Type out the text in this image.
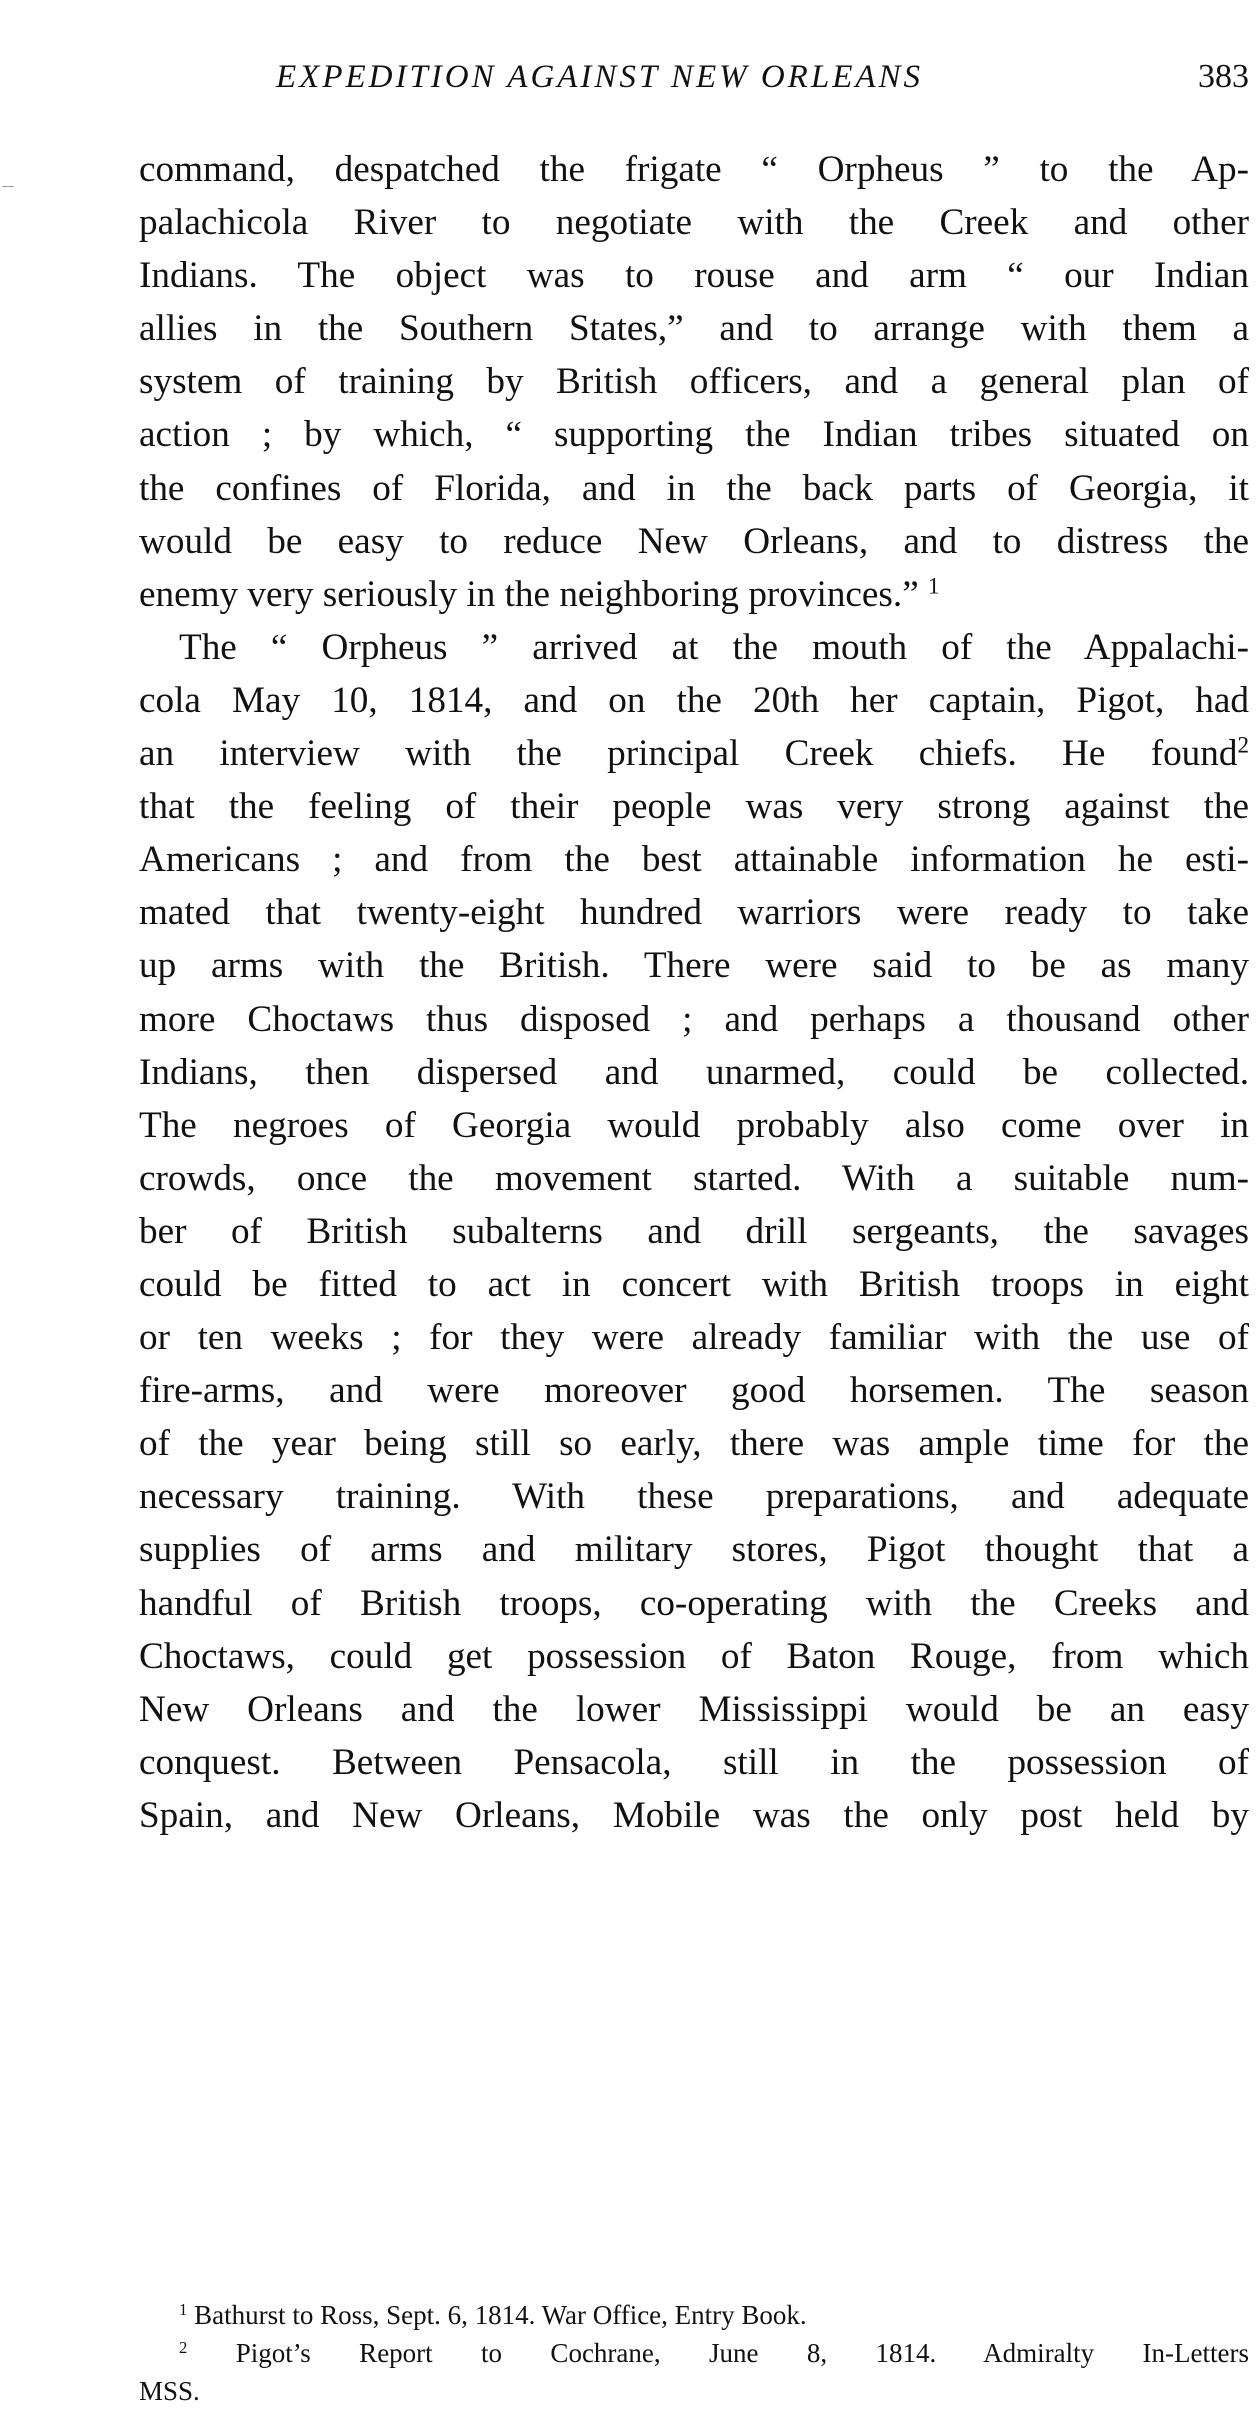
EXPEDITION AGAINST NEW ORLEANS	383
command, despatched the frigate “ Orpheus ” to the Ap-
palachicola River to negotiate with the Creek and other
Indians. The object was to rouse and arm “ our Indian
allies in the Southern States,” and to arrange with them a
system of training by British officers, and a general plan of
action ; by which, “ supporting the Indian tribes situated on
the confines of Florida, and in the back parts of Georgia, it
would be easy to reduce New Orleans, and to distress the
enemy very seriously in the neighboring provinces.” $^1$
The “ Orpheus ” arrived at the mouth of the Appalachi-
cola May 10, 1814, and on the 20th her captain, Pigot, had
an interview with the principal Creek chiefs. He found$^2$
that the feeling of their people was very strong against the
Americans ; and from the best attainable information he esti-
mated that twenty-eight hundred warriors were ready to take
up arms with the British. There were said to be as many
more Choctaws thus disposed ; and perhaps a thousand other
Indians, then dispersed and unarmed, could be collected.
The negroes of Georgia would probably also come over in
crowds, once the movement started. With a suitable num-
ber of British subalterns and drill sergeants, the savages
could be fitted to act in concert with British troops in eight
or ten weeks ; for they were already familiar with the use of
fire-arms, and were moreover good horsemen. The season
of the year being still so early, there was ample time for the
necessary training. With these preparations, and adequate
supplies of arms and military stores, Pigot thought that a
handful of British troops, co-operating with the Creeks and
Choctaws, could get possession of Baton Rouge, from which
New Orleans and the lower Mississippi would be an easy
conquest. Between Pensacola, still in the possession of
Spain, and New Orleans, Mobile was the only post held by
$^1$ Bathurst to Ross, Sept. 6, 1814. War Office, Entry Book.
$^2$ Pigot’s Report to Cochrane, June 8, 1814. Admiralty In-Letters
MSS.
